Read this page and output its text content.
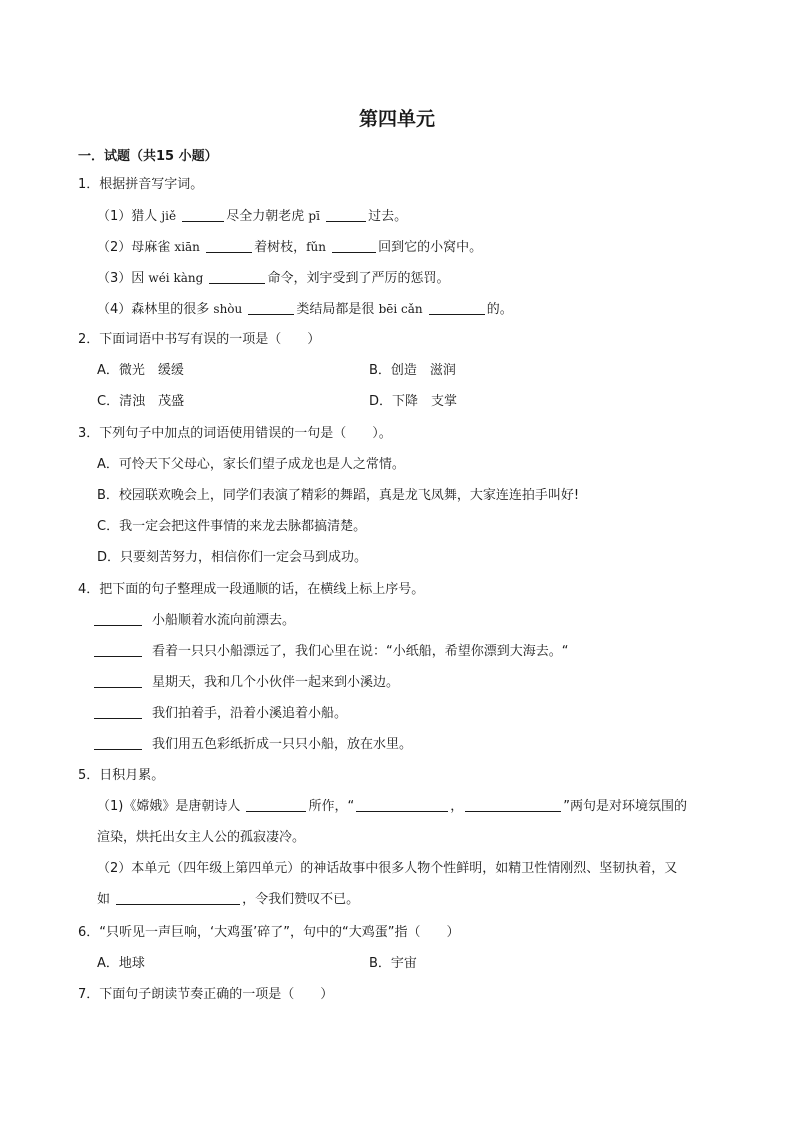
第四单元
一．试题（共15 小题）
1．根据拼音写字词。
（1）猎人 jiě	尽全力朝老虎 pī	过去。
（2）母麻雀 xiān	着树枝，fǔn	回到它的小窝中。
（3）因 wéi kàng	命令，刘宇受到了严厉的惩罚。
（4）森林里的很多 shòu	类结局都是很 bēi cǎn	的。
2．下面词语中书写有误的一项是（　　）
A．微光　缓缓	B．创造　滋润
C．清浊　茂盛	D．下降　支掌
3．下列句子中加点的词语使用错误的一句是（　　）。
A．可怜天下父母心，家长们望子成龙也是人之常情。
B．校园联欢晚会上，同学们表演了精彩的舞蹈，真是龙飞凤舞，大家连连拍手叫好!
C．我一定会把这件事情的来龙去脉都搞清楚。
D．只要刻苦努力，相信你们一定会马到成功。
4．把下面的句子整理成一段通顺的话，在横线上标上序号。
小船顺着水流向前漂去。
看着一只只小船漂远了，我们心里在说：“小纸船，希望你漂到大海去。“
星期天，我和几个小伙伴一起来到小溪边。
我们拍着手，沿着小溪追着小船。
我们用五色彩纸折成一只只小船，放在水里。
5．日积月累。
（1)《嫦娥》是唐朝诗人	所作，“	，	”两句是对环境氛围的
渲染，烘托出女主人公的孤寂凄冷。
（2）本单元（四年级上第四单元）的神话故事中很多人物个性鲜明，如精卫性情刚烈、坚韧执着，又
如	，令我们赞叹不已。
6．“只听见一声巨响，‘大鸡蛋’碎了”，句中的“大鸡蛋”指（　　）
A．地球	B．宇宙
7．下面句子朗读节奏正确的一项是（　　）
